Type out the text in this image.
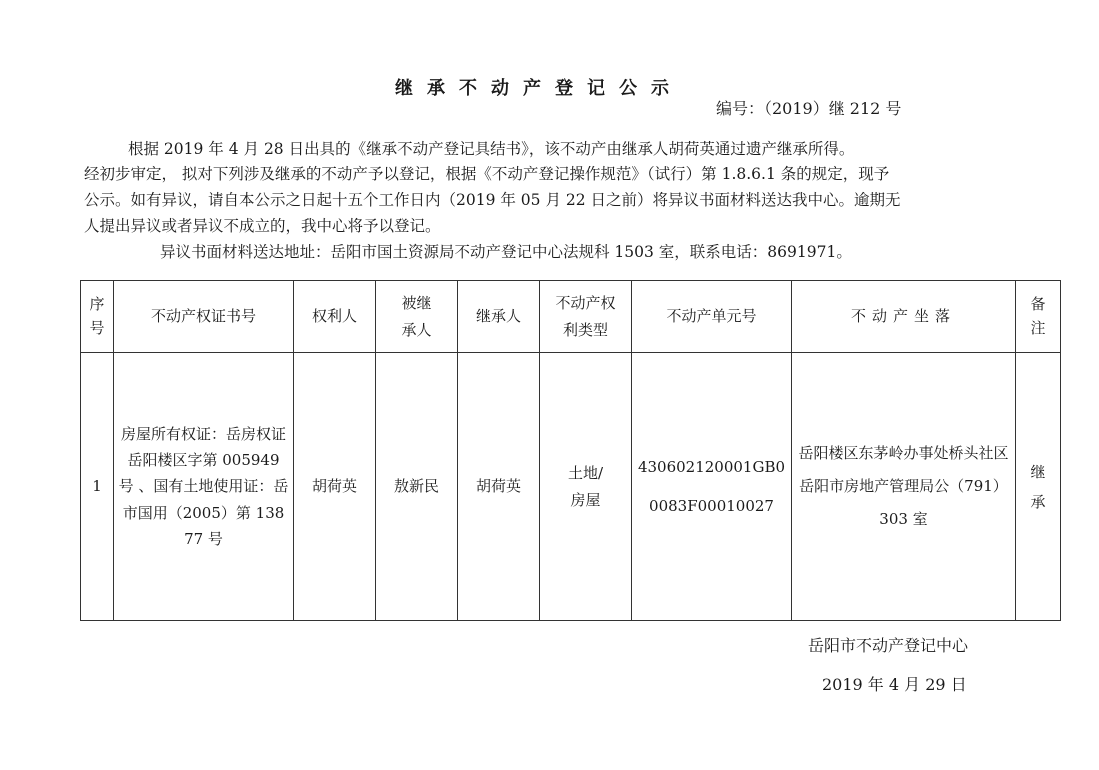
继承不动产登记公示
编号：（2019）继 212 号
根据 2019 年 4 月 28 日出具的《继承不动产登记具结书》，该不动产由继承人胡荷英通过遗产继承所得。
经初步审定， 拟对下列涉及继承的不动产予以登记，根据《不动产登记操作规范》（试行）第 1.8.6.1 条的规定，现予
公示。如有异议，请自本公示之日起十五个工作日内（2019 年 05 月 22 日之前）将异议书面材料送达我中心。逾期无
人提出异议或者异议不成立的，我中心将予以登记。
异议书面材料送达地址：岳阳市国土资源局不动产登记中心法规科 1503 室，联系电话：8691971。
序号	不动产权证书号	权利人	被继承人	继承人	不动产权利类型	不动产单元号	不动产坐落	备注
1	房屋所有权证：岳房权证岳阳楼区字第 005949 号 、国有土地使用证：岳市国用（2005）第 13877 号	胡荷英	敖新民	胡荷英	土地/房屋	430602120001GB00083F00010027	岳阳楼区东茅岭办事处桥头社区岳阳市房地产管理局公（791）303 室	继承
岳阳市不动产登记中心
2019 年 4 月 29 日
